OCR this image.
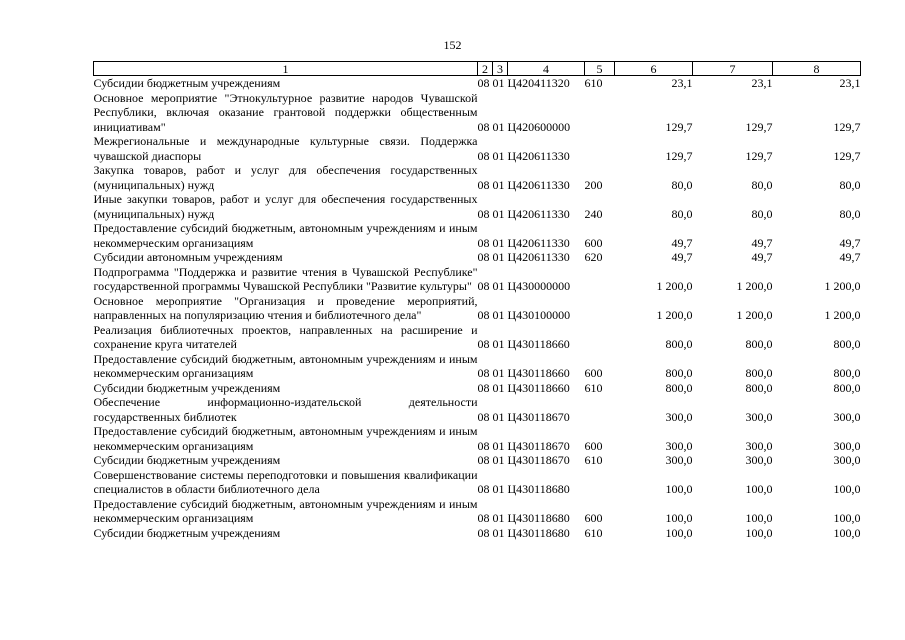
152
1	2	3	4	5	6	7	8
Субсидии бюджетным учреждениям	08	01	Ц420411320	610	23,1	23,1	23,1
Основное мероприятие "Этнокультурное развитие народов Чувашской Республики, включая оказание грантовой поддержки общественным инициативам"	08	01	Ц420600000		129,7	129,7	129,7
Межрегиональные и международные культурные связи. Поддержка чувашской диаспоры	08	01	Ц420611330		129,7	129,7	129,7
Закупка товаров, работ и услуг для обеспечения государственных (муниципальных) нужд	08	01	Ц420611330	200	80,0	80,0	80,0
Иные закупки товаров, работ и услуг для обеспечения государственных (муниципальных) нужд	08	01	Ц420611330	240	80,0	80,0	80,0
Предоставление субсидий бюджетным, автономным учреждениям и иным некоммерческим организациям	08	01	Ц420611330	600	49,7	49,7	49,7
Субсидии автономным учреждениям	08	01	Ц420611330	620	49,7	49,7	49,7
Подпрограмма "Поддержка и развитие чтения в Чувашской Республике" государственной программы Чувашской Республики "Развитие культуры"	08	01	Ц430000000		1 200,0	1 200,0	1 200,0
Основное мероприятие "Организация и проведение мероприятий, направленных на популяризацию чтения и библиотечного дела"	08	01	Ц430100000		1 200,0	1 200,0	1 200,0
Реализация библиотечных проектов, направленных на расширение и сохранение круга читателей	08	01	Ц430118660		800,0	800,0	800,0
Предоставление субсидий бюджетным, автономным учреждениям и иным некоммерческим организациям	08	01	Ц430118660	600	800,0	800,0	800,0
Субсидии бюджетным учреждениям	08	01	Ц430118660	610	800,0	800,0	800,0
Обеспечение информационно-издательской деятельности государственных библиотек	08	01	Ц430118670		300,0	300,0	300,0
Предоставление субсидий бюджетным, автономным учреждениям и иным некоммерческим организациям	08	01	Ц430118670	600	300,0	300,0	300,0
Субсидии бюджетным учреждениям	08	01	Ц430118670	610	300,0	300,0	300,0
Совершенствование системы переподготовки и повышения квалификации специалистов в области библиотечного дела	08	01	Ц430118680		100,0	100,0	100,0
Предоставление субсидий бюджетным, автономным учреждениям и иным некоммерческим организациям	08	01	Ц430118680	600	100,0	100,0	100,0
Субсидии бюджетным учреждениям	08	01	Ц430118680	610	100,0	100,0	100,0
